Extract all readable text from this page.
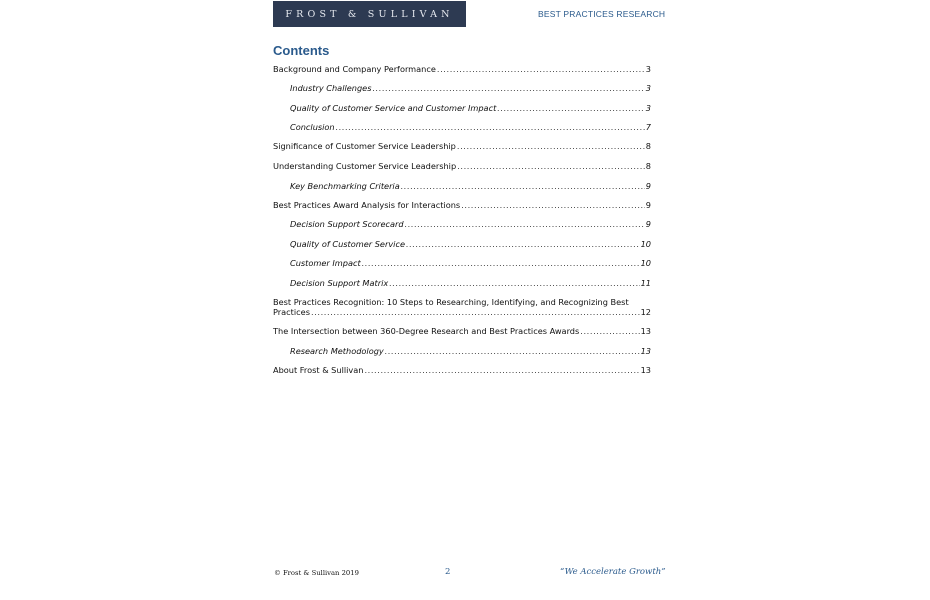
FROST & SULLIVAN	BEST PRACTICES RESEARCH
Contents
Background and Company Performance .....	3
Industry Challenges .....	3
Quality of Customer Service and Customer Impact .....	3
Conclusion .....	7
Significance of Customer Service Leadership .....	8
Understanding Customer Service Leadership .....	8
Key Benchmarking Criteria .....	9
Best Practices Award Analysis for Interactions .....	9
Decision Support Scorecard .....	9
Quality of Customer Service .....	10
Customer Impact .....	10
Decision Support Matrix .....	11
Best Practices Recognition: 10 Steps to Researching, Identifying, and Recognizing Best
Practices .....	12
The Intersection between 360-Degree Research and Best Practices Awards .....	13
Research Methodology .....	13
About Frost & Sullivan .....	13
© Frost & Sullivan 2019	2	“We Accelerate Growth”
